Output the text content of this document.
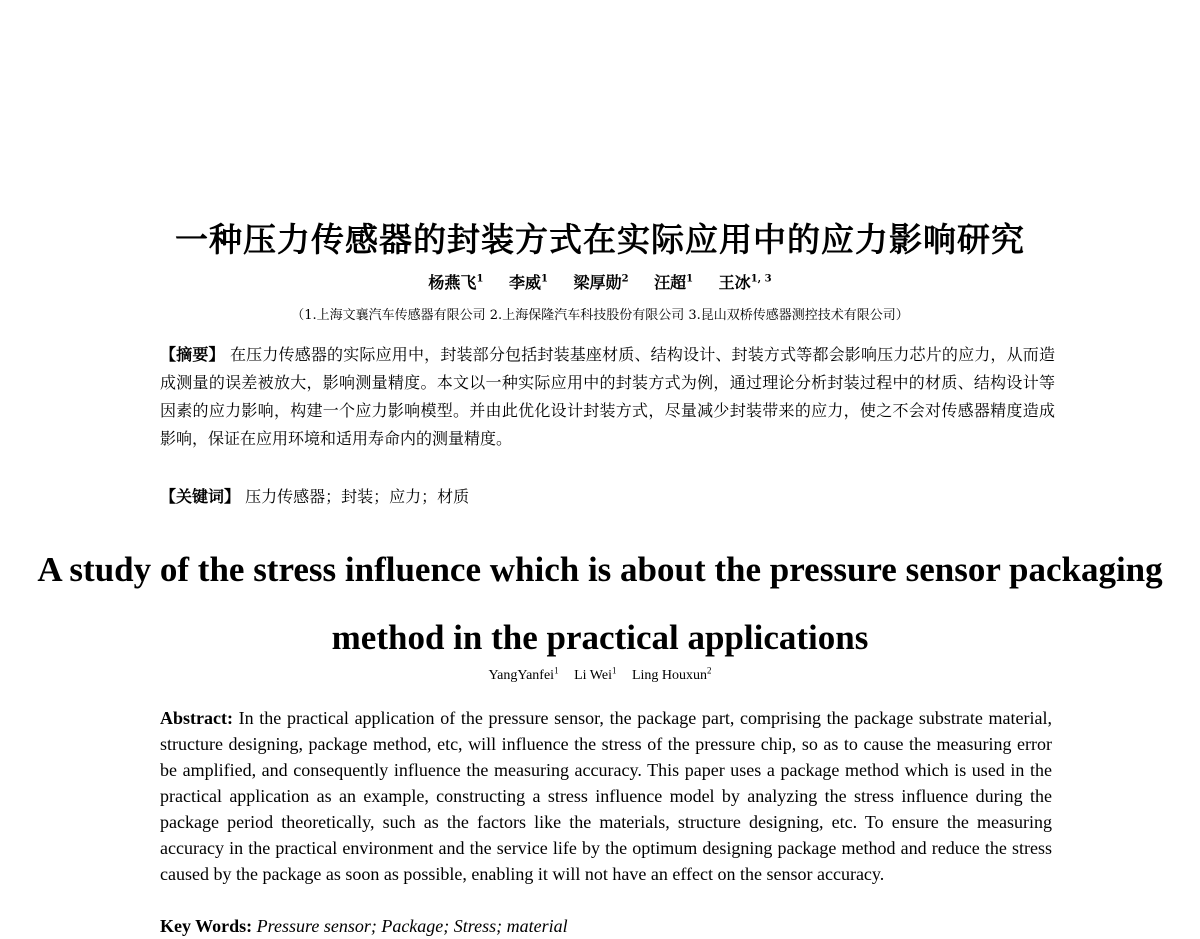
一种压力传感器的封装方式在实际应用中的应力影响研究
杨燕飞$^1$ 李威$^1$ 梁厚勋$^2$ 汪超$^1$ 王冰$^{1, 3}$
（1.上海文襄汽车传感器有限公司 2.上海保隆汽车科技股份有限公司 3.昆山双桥传感器测控技术有限公司）
【摘要】 在压力传感器的实际应用中，封装部分包括封装基座材质、结构设计、封装方式等都会影响压力芯片的应力，从而造成测量的误差被放大，影响测量精度。本文以一种实际应用中的封装方式为例，通过理论分析封装过程中的材质、结构设计等因素的应力影响，构建一个应力影响模型。并由此优化设计封装方式，尽量减少封装带来的应力，使之不会对传感器精度造成影响，保证在应用环境和适用寿命内的测量精度。
【关键词】 压力传感器；封装；应力；材质
A study of the stress influence which is about the pressure sensor packaging method in the practical applications
YangYanfei$^1$ Li Wei$^1$ Ling Houxun$^2$
Abstract: In the practical application of the pressure sensor, the package part, comprising the package substrate material, structure designing, package method, etc, will influence the stress of the pressure chip, so as to cause the measuring error be amplified, and consequently influence the measuring accuracy. This paper uses a package method which is used in the practical application as an example, constructing a stress influence model by analyzing the stress influence during the package period theoretically, such as the factors like the materials, structure designing, etc. To ensure the measuring accuracy in the practical environment and the service life by the optimum designing package method and reduce the stress caused by the package as soon as possible, enabling it will not have an effect on the sensor accuracy.
Key Words: Pressure sensor; Package; Stress; material
